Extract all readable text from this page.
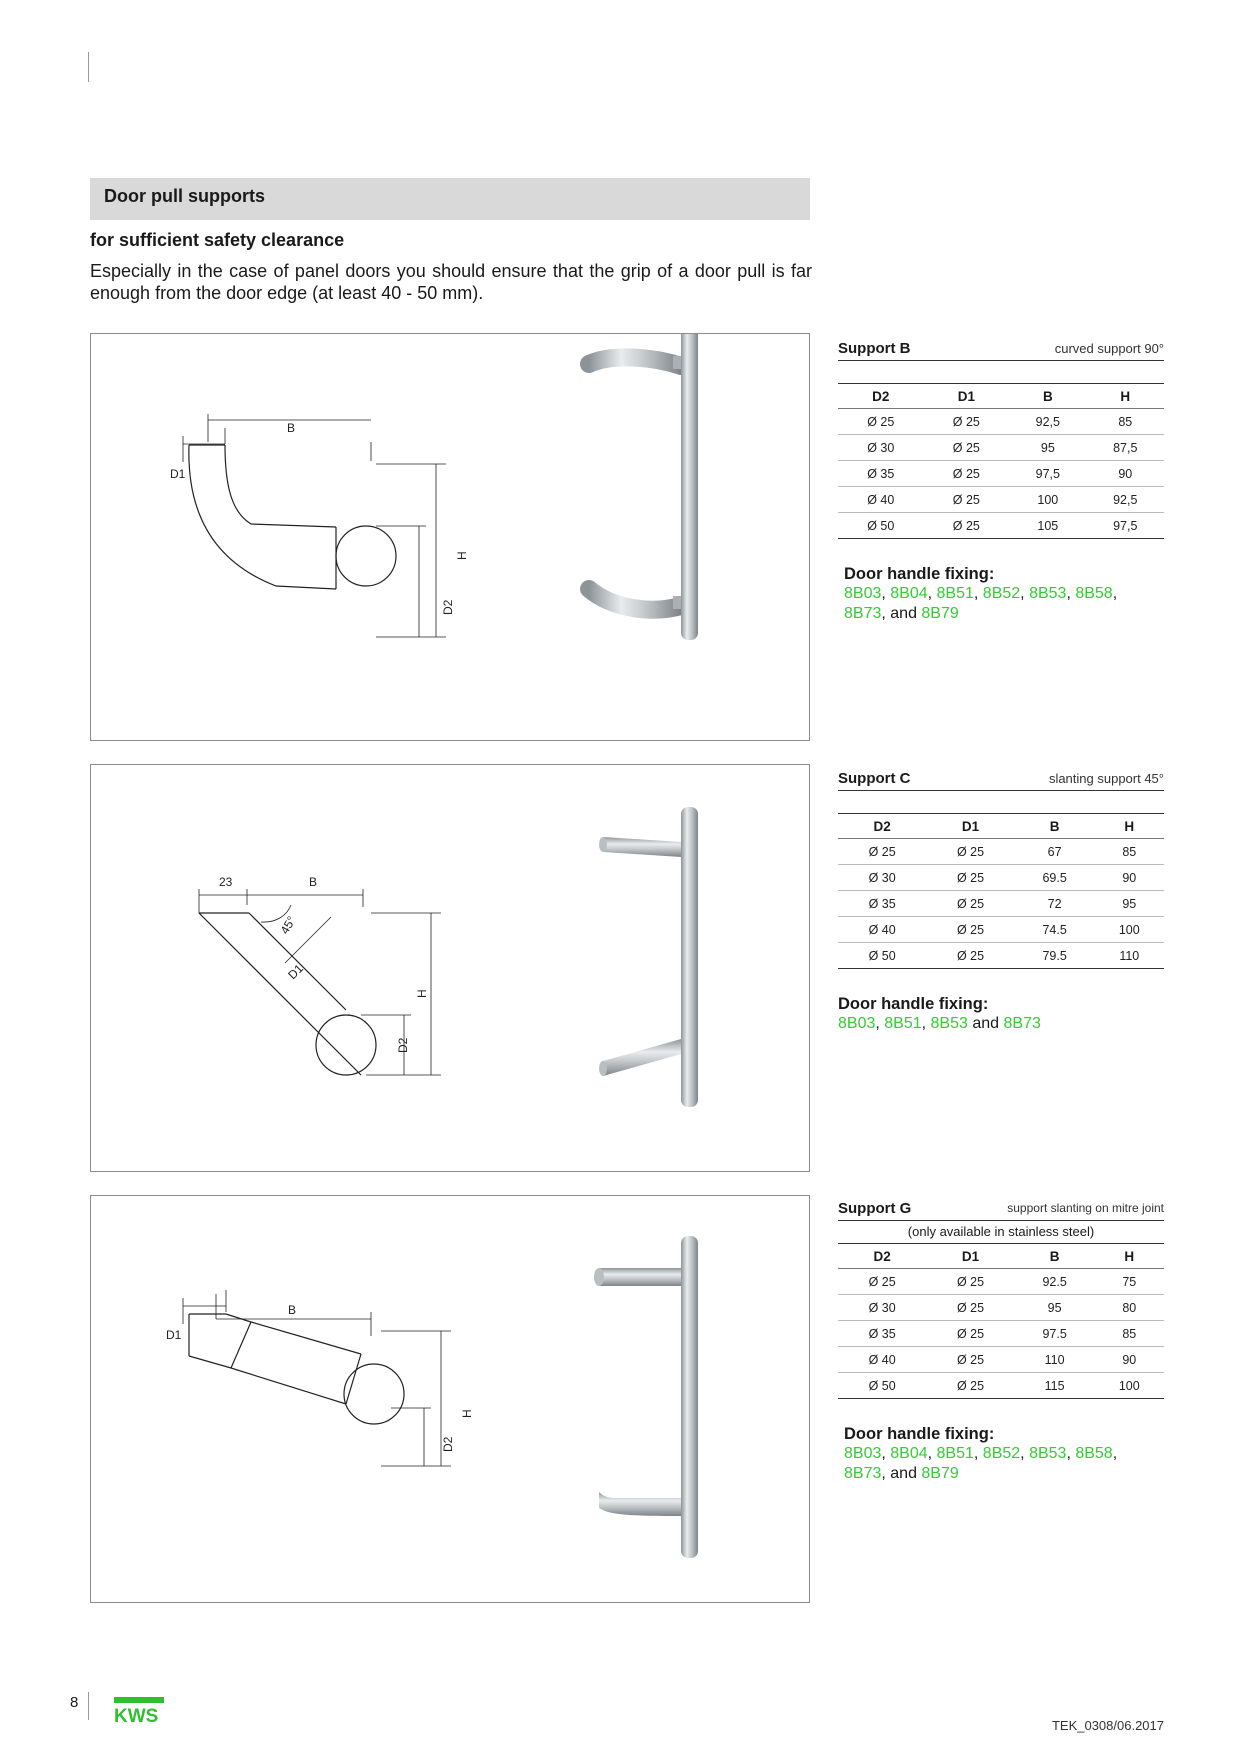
Door pull supports
for sufficient safety clearance
Especially in the case of panel doors you should ensure that the grip of a door pull is far enough from the door edge (at least 40 - 50 mm).
B
D1
H
D2
Support B	curved support 90°
D2	D1	B	H
Ø 25	Ø 25	92,5	85
Ø 30	Ø 25	95	87,5
Ø 35	Ø 25	97,5	90
Ø 40	Ø 25	100	92,5
Ø 50	Ø 25	105	97,5
Door handle fixing:
8B03, 8B04, 8B51, 8B52, 8B53, 8B58,
8B73, and 8B79
23	B
45°
D1
H
D2
Support C	slanting support 45°
D2	D1	B	H
Ø 25	Ø 25	67	85
Ø 30	Ø 25	69.5	90
Ø 35	Ø 25	72	95
Ø 40	Ø 25	74.5	100
Ø 50	Ø 25	79.5	110
Door handle fixing:
8B03, 8B51, 8B53 and 8B73
B
D1
H
D2
Support G	support slanting on mitre joint
(only available in stainless steel)
D2	D1	B	H
Ø 25	Ø 25	92.5	75
Ø 30	Ø 25	95	80
Ø 35	Ø 25	97.5	85
Ø 40	Ø 25	110	90
Ø 50	Ø 25	115	100
Door handle fixing:
8B03, 8B04, 8B51, 8B52, 8B53, 8B58,
8B73, and 8B79
8
KWS	TEK_0308/06.2017
